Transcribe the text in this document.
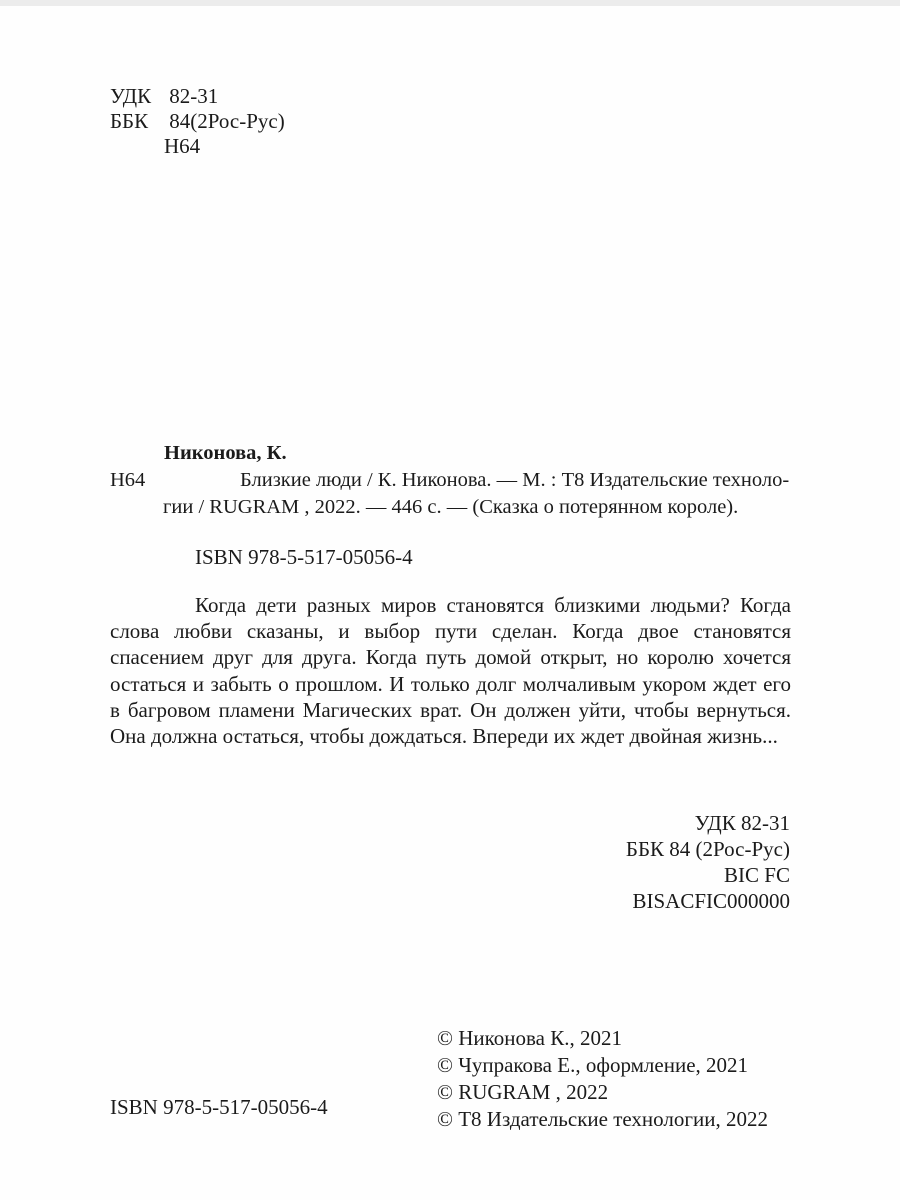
УДК 82-31
ББК 84(2Рос-Рус)
Н64
Никонова, К.
Н64	Близкие люди / К. Никонова. — М. : Т8 Издательские техноло-
гии / RUGRAM , 2022. — 446 с. — (Сказка о потерянном короле).
ISBN 978-5-517-05056-4
Когда дети разных миров становятся близкими людьми? Когда слова любви сказаны, и выбор пути сделан. Когда двое становятся спасением друг для друга. Когда путь домой открыт, но королю хочется остаться и забыть о прошлом. И только долг молчаливым укором ждет его в багровом пламени Магических врат. Он должен уйти, чтобы вернуться. Она должна остаться, чтобы дождаться. Впереди их ждет двойная жизнь...
УДК 82-31
ББК 84 (2Рос-Рус)
BIC FC
BISACFIC000000
© Никонова К., 2021
© Чупракова Е., оформление, 2021
© RUGRAM , 2022
© Т8 Издательские технологии, 2022
ISBN 978-5-517-05056-4
